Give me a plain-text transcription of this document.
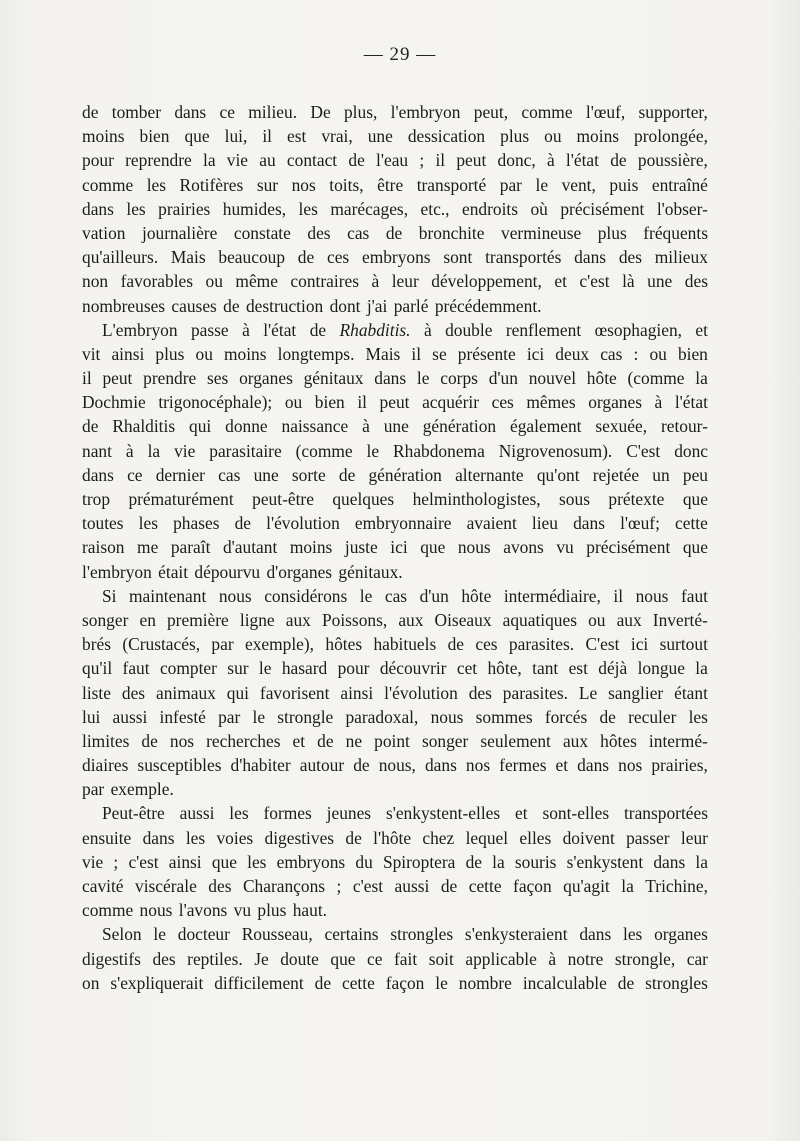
— 29 —
de tomber dans ce milieu. De plus, l'embryon peut, comme l'œuf, supporter,
moins bien que lui, il est vrai, une dessication plus ou moins prolongée,
pour reprendre la vie au contact de l'eau ; il peut donc, à l'état de poussière,
comme les Rotifères sur nos toits, être transporté par le vent, puis entraîné
dans les prairies humides, les marécages, etc., endroits où précisément l'obser-
vation journalière constate des cas de bronchite vermineuse plus fréquents
qu'ailleurs. Mais beaucoup de ces embryons sont transportés dans des milieux
non favorables ou même contraires à leur développement, et c'est là une des
nombreuses causes de destruction dont j'ai parlé précédemment.
L'embryon passe à l'état de Rhabditis. à double renflement œsophagien, et
vit ainsi plus ou moins longtemps. Mais il se présente ici deux cas : ou bien
il peut prendre ses organes génitaux dans le corps d'un nouvel hôte (comme la
Dochmie trigonocéphale); ou bien il peut acquérir ces mêmes organes à l'état
de Rhalditis qui donne naissance à une génération également sexuée, retour-
nant à la vie parasitaire (comme le Rhabdonema Nigrovenosum). C'est donc
dans ce dernier cas une sorte de génération alternante qu'ont rejetée un peu
trop prématurément peut-être quelques helminthologistes, sous prétexte que
toutes les phases de l'évolution embryonnaire avaient lieu dans l'œuf; cette
raison me paraît d'autant moins juste ici que nous avons vu précisément que
l'embryon était dépourvu d'organes génitaux.
Si maintenant nous considérons le cas d'un hôte intermédiaire, il nous faut
songer en première ligne aux Poissons, aux Oiseaux aquatiques ou aux Inverté-
brés (Crustacés, par exemple), hôtes habituels de ces parasites. C'est ici surtout
qu'il faut compter sur le hasard pour découvrir cet hôte, tant est déjà longue la
liste des animaux qui favorisent ainsi l'évolution des parasites. Le sanglier étant
lui aussi infesté par le strongle paradoxal, nous sommes forcés de reculer les
limites de nos recherches et de ne point songer seulement aux hôtes intermé-
diaires susceptibles d'habiter autour de nous, dans nos fermes et dans nos prairies,
par exemple.
Peut-être aussi les formes jeunes s'enkystent-elles et sont-elles transportées
ensuite dans les voies digestives de l'hôte chez lequel elles doivent passer leur
vie ; c'est ainsi que les embryons du Spiroptera de la souris s'enkystent dans la
cavité viscérale des Charançons ; c'est aussi de cette façon qu'agit la Trichine,
comme nous l'avons vu plus haut.
Selon le docteur Rousseau, certains strongles s'enkysteraient dans les organes
digestifs des reptiles. Je doute que ce fait soit applicable à notre strongle, car
on s'expliquerait difficilement de cette façon le nombre incalculable de strongles
